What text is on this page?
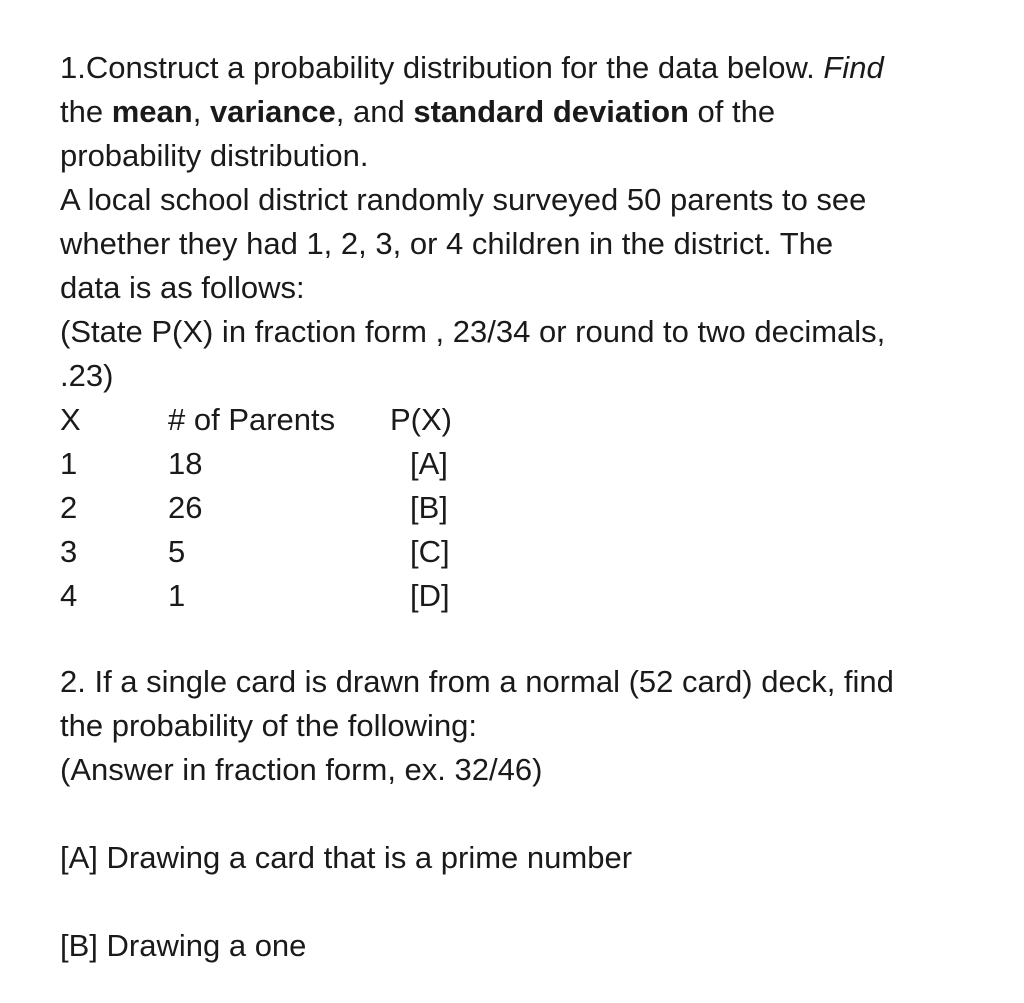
1.Construct a probability distribution for the data below. Find
the mean, variance, and standard deviation of the
probability distribution.

A local school district randomly surveyed 50 parents to see
whether they had 1, 2, 3, or 4 children in the district. The
data is as follows:
(State P(X) in fraction form , 23/34 or round to two decimals,
.23)

X	# of Parents P(X)
1	18	[A]
2	26	[B]
3	5	[C]
4	1	[D]

2. If a single card is drawn from a normal (52 card) deck, find
the probability of the following:
(Answer in fraction form, ex. 32/46)

[A] Drawing a card that is a prime number

[B] Drawing a one
